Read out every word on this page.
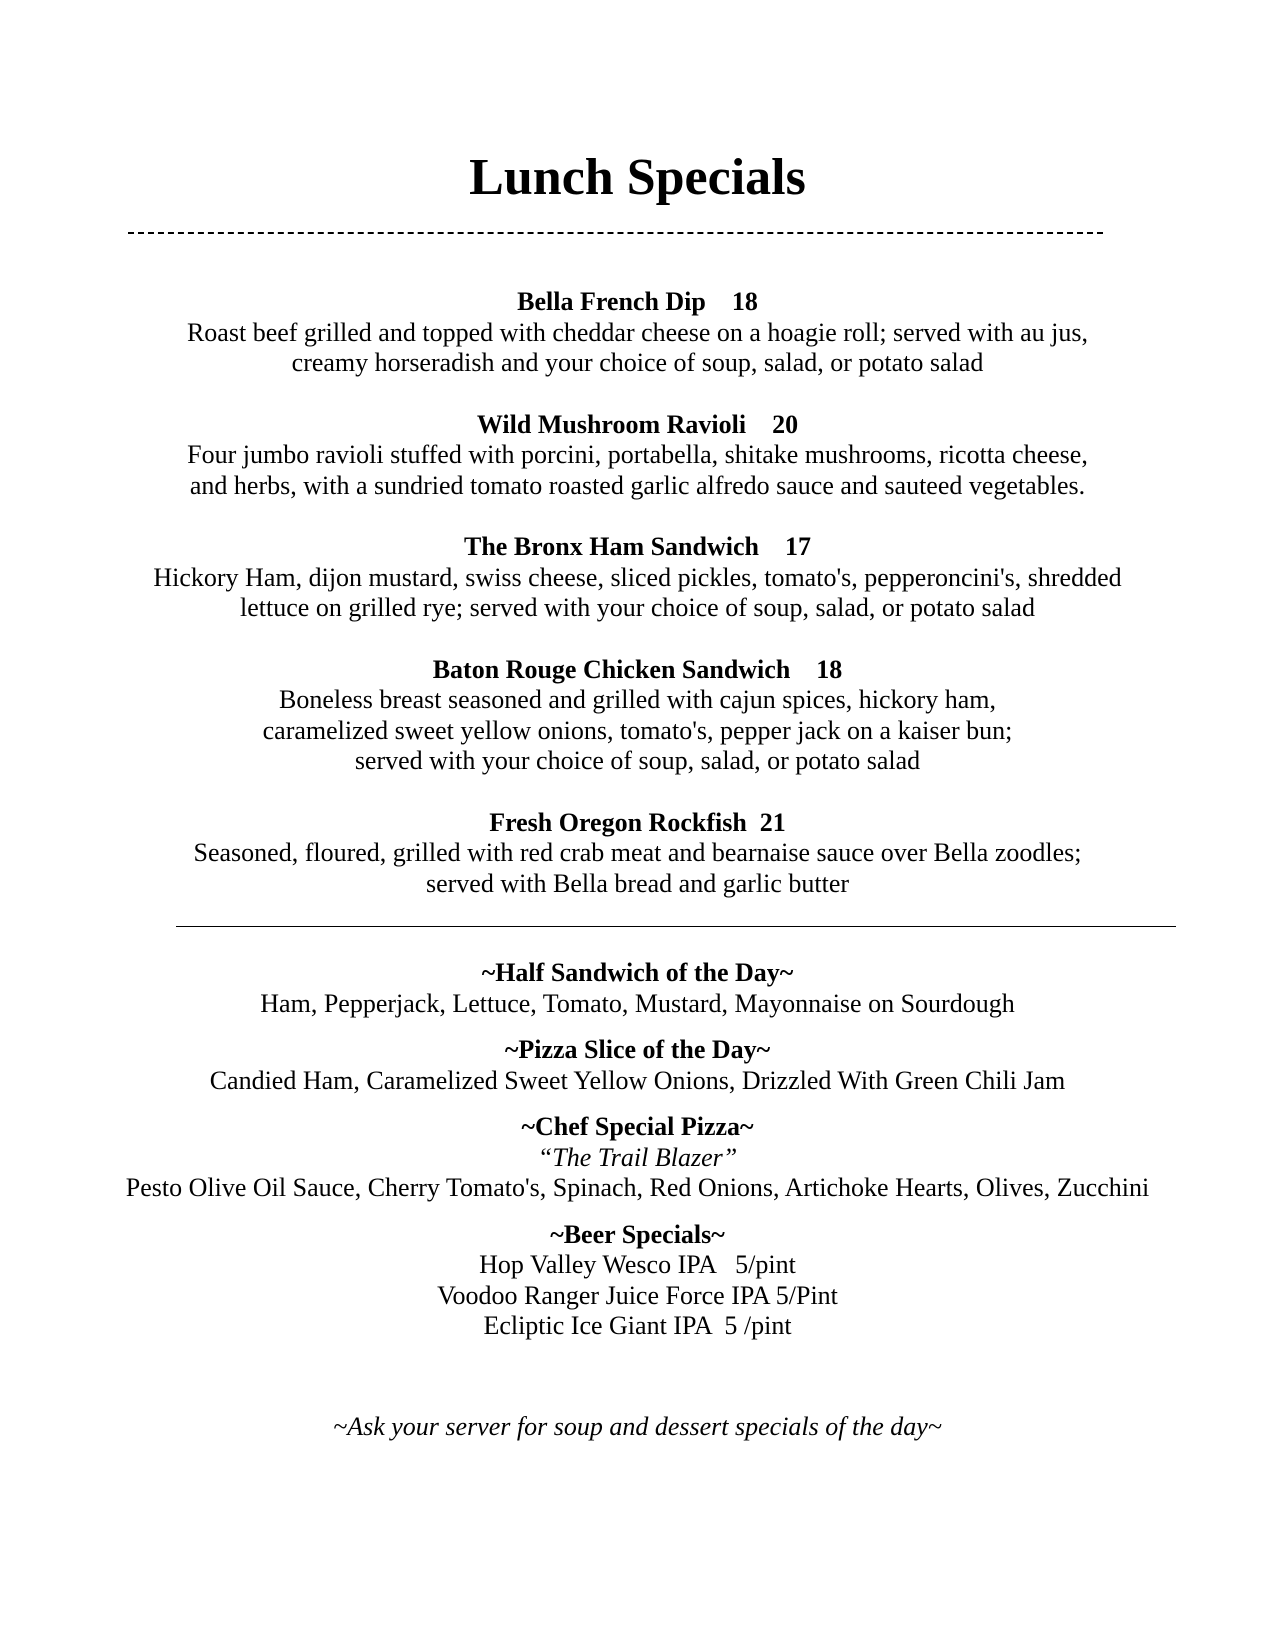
Lunch Specials
Bella French Dip    18
Roast beef grilled and topped with cheddar cheese on a hoagie roll; served with au jus,
creamy horseradish and your choice of soup, salad, or potato salad
Wild Mushroom Ravioli    20
Four jumbo ravioli stuffed with porcini, portabella, shitake mushrooms, ricotta cheese,
and herbs, with a sundried tomato roasted garlic alfredo sauce and sauteed vegetables.
The Bronx Ham Sandwich    17
Hickory Ham, dijon mustard, swiss cheese, sliced pickles, tomato's, pepperoncini's, shredded
lettuce on grilled rye; served with your choice of soup, salad, or potato salad
Baton Rouge Chicken Sandwich    18
Boneless breast seasoned and grilled with cajun spices, hickory ham,
caramelized sweet yellow onions, tomato's, pepper jack on a kaiser bun;
served with your choice of soup, salad, or potato salad
Fresh Oregon Rockfish  21
Seasoned, floured, grilled with red crab meat and bearnaise sauce over Bella zoodles;
served with Bella bread and garlic butter
~Half Sandwich of the Day~
Ham, Pepperjack, Lettuce, Tomato, Mustard, Mayonnaise on Sourdough
~Pizza Slice of the Day~
Candied Ham, Caramelized Sweet Yellow Onions, Drizzled With Green Chili Jam
~Chef Special Pizza~
“The Trail Blazer”
Pesto Olive Oil Sauce, Cherry Tomato's, Spinach, Red Onions, Artichoke Hearts, Olives, Zucchini
~Beer Specials~
Hop Valley Wesco IPA   5/pint
Voodoo Ranger Juice Force IPA 5/Pint
Ecliptic Ice Giant IPA  5 /pint
~Ask your server for soup and dessert specials of the day~
